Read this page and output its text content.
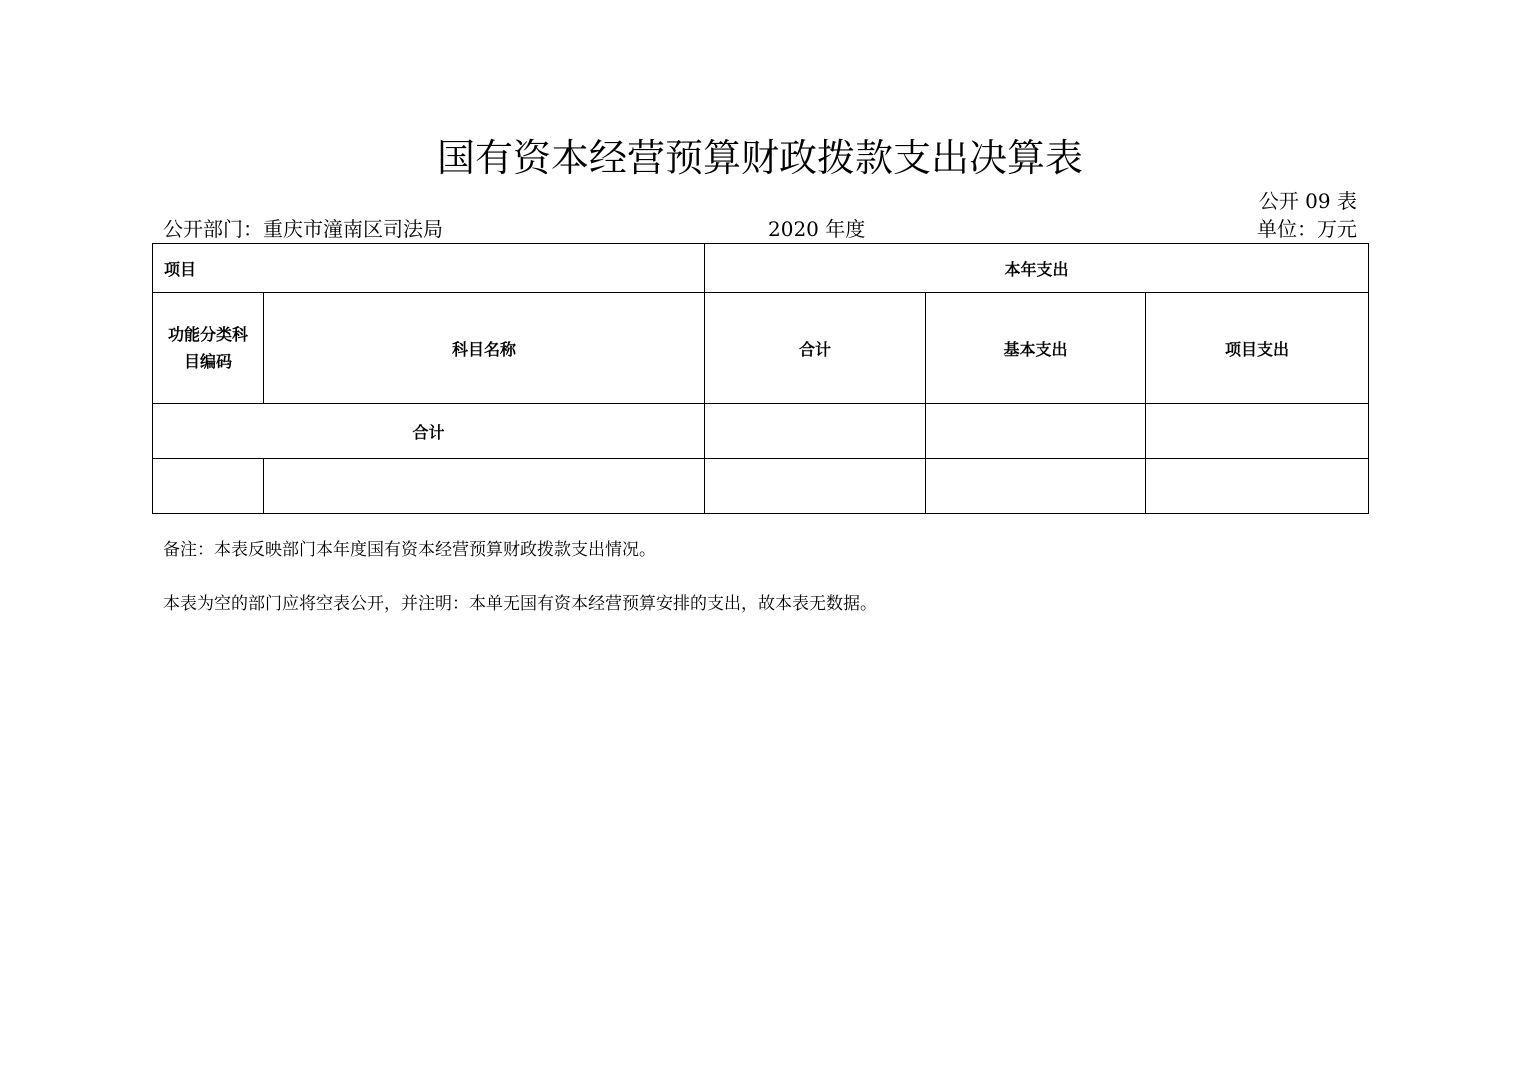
国有资本经营预算财政拨款支出决算表
公开 09 表
公开部门：重庆市潼南区司法局	2020 年度	单位：万元
项目		本年支出		
功能分类科
目编码	科目名称	合计	基本支出	项目支出
合计				

备注：本表反映部门本年度国有资本经营预算财政拨款支出情况。
本表为空的部门应将空表公开，并注明：本单无国有资本经营预算安排的支出，故本表无数据。
